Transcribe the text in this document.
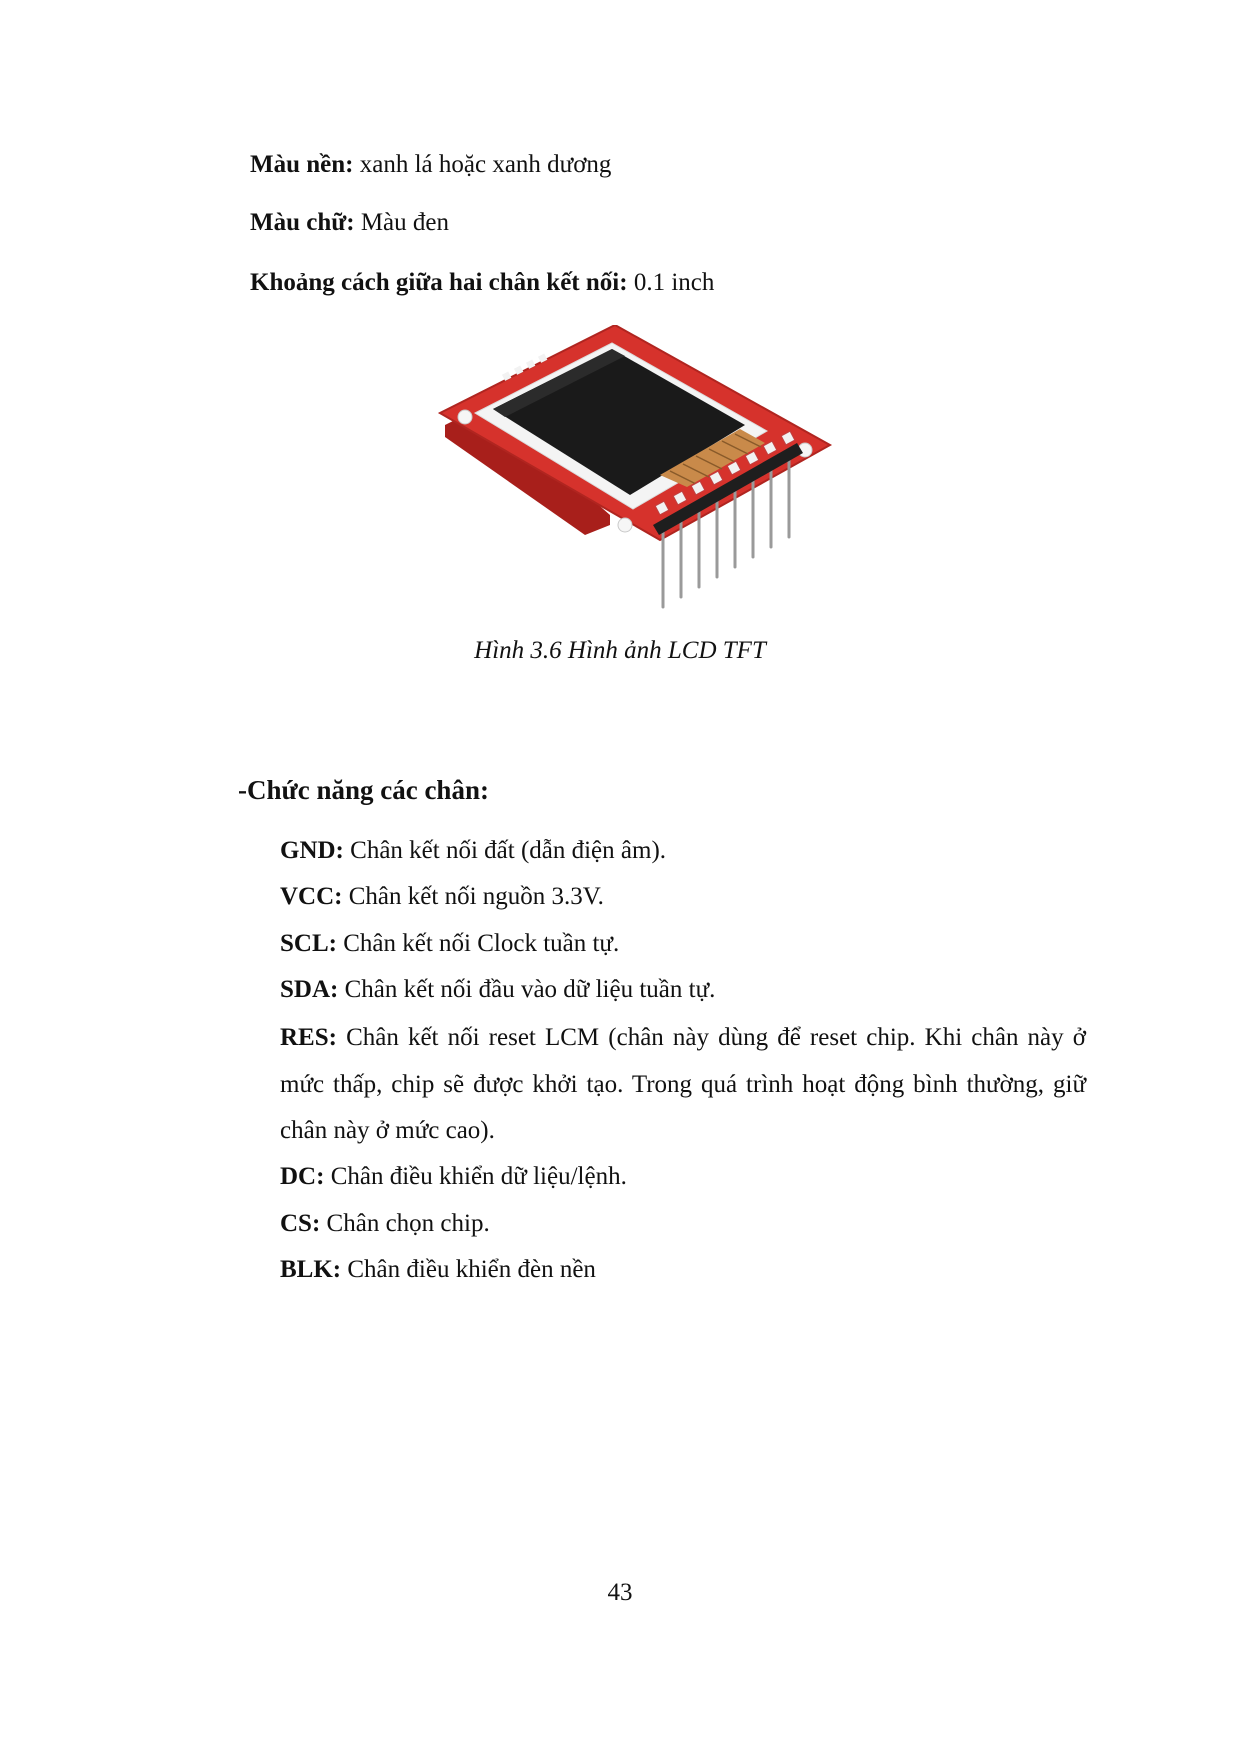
Màu nền: xanh lá hoặc xanh dương
Màu chữ: Màu đen
Khoảng cách giữa hai chân kết nối: 0.1 inch
Hình 3.6 Hình ảnh LCD TFT
-Chức năng các chân:
GND: Chân kết nối đất (dẫn điện âm).
VCC: Chân kết nối nguồn 3.3V.
SCL: Chân kết nối Clock tuần tự.
SDA: Chân kết nối đầu vào dữ liệu tuần tự.
RES: Chân kết nối reset LCM (chân này dùng để reset chip. Khi chân này ở mức thấp, chip sẽ được khởi tạo. Trong quá trình hoạt động bình thường, giữ chân này ở mức cao).
DC: Chân điều khiển dữ liệu/lệnh.
CS: Chân chọn chip.
BLK: Chân điều khiển đèn nền
43
